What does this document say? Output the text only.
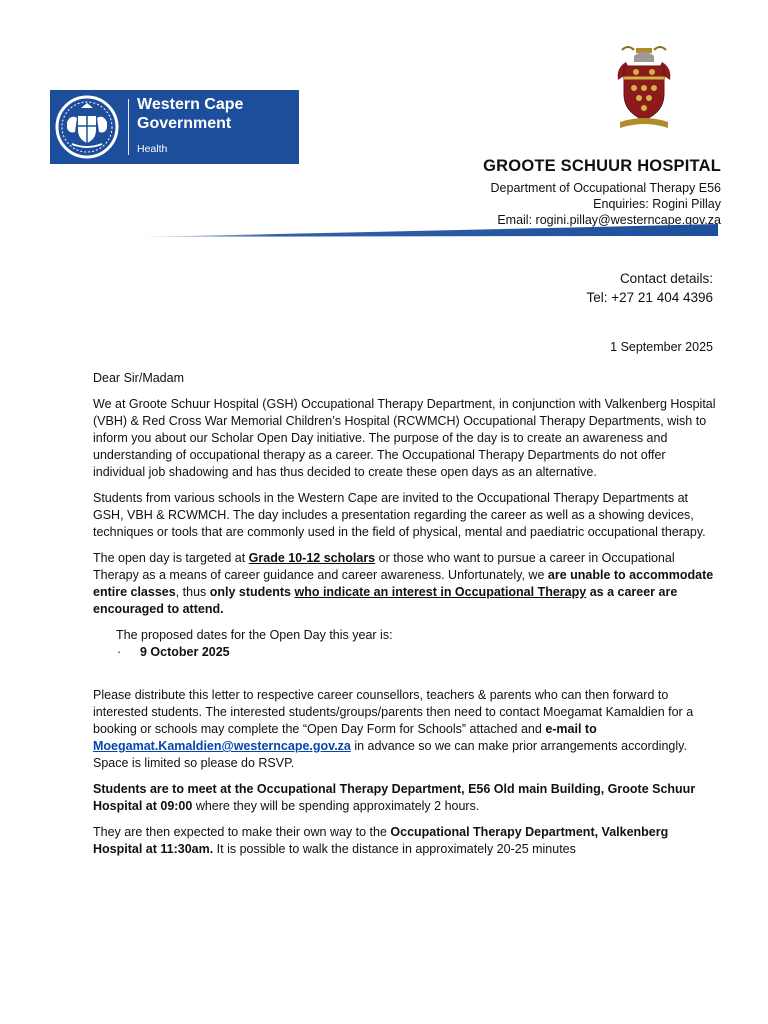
Western Cape
Government
Health
GROOTE SCHUUR HOSPITAL
Department of Occupational Therapy E56
Enquiries: Rogini Pillay
Email: rogini.pillay@westerncape.gov.za
Contact details:
Tel: +27 21 404 4396
1 September 2025

Dear Sir/Madam

We at Groote Schuur Hospital (GSH) Occupational Therapy Department, in conjunction with Valkenberg Hospital (VBH) & Red Cross War Memorial Children’s Hospital (RCWMCH) Occupational Therapy Departments, wish to inform you about our Scholar Open Day initiative. The purpose of the day is to create an awareness and understanding of occupational therapy as a career. The Occupational Therapy Departments do not offer individual job shadowing and has thus decided to create these open days as an alternative.

Students from various schools in the Western Cape are invited to the Occupational Therapy Departments at GSH, VBH & RCWMCH. The day includes a presentation regarding the career as well as a showing devices, techniques or tools that are commonly used in the field of physical, mental and paediatric occupational therapy.

The open day is targeted at Grade 10-12 scholars or those who want to pursue a career in Occupational Therapy as a means of career guidance and career awareness. Unfortunately, we are unable to accommodate entire classes, thus only students who indicate an interest in Occupational Therapy as a career are encouraged to attend.

The proposed dates for the Open Day this year is:
·	9 October 2025

Please distribute this letter to respective career counsellors, teachers & parents who can then forward to interested students. The interested students/groups/parents then need to contact Moegamat Kamaldien for a booking or schools may complete the “Open Day Form for Schools” attached and e-mail to Moegamat.Kamaldien@westerncape.gov.za in advance so we can make prior arrangements accordingly. Space is limited so please do RSVP.

Students are to meet at the Occupational Therapy Department, E56 Old main Building, Groote Schuur Hospital at 09:00 where they will be spending approximately 2 hours.

They are then expected to make their own way to the Occupational Therapy Department, Valkenberg Hospital at 11:30am. It is possible to walk the distance in approximately 20-25 minutes
